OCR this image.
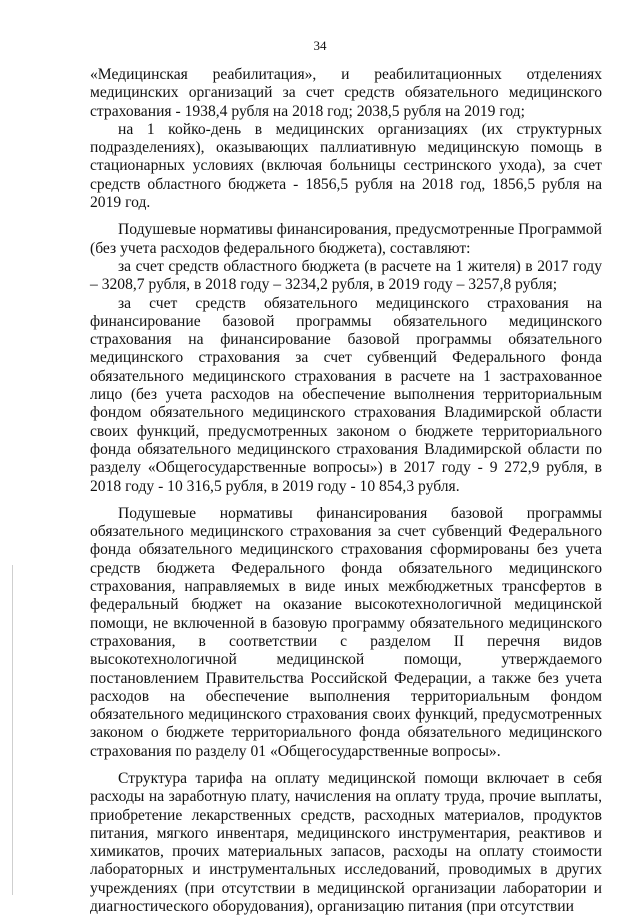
34

«Медицинская реабилитация», и реабилитационных отделениях медицинских организаций за счет средств обязательного медицинского страхования - 1938,4 рубля на 2018 год; 2038,5 рубля на 2019 год;

на 1 койко-день в медицинских организациях (их структурных подразделениях), оказывающих паллиативную медицинскую помощь в стационарных условиях (включая больницы сестринского ухода), за счет средств областного бюджета - 1856,5 рубля на 2018 год, 1856,5 рубля на 2019 год.

Подушевые нормативы финансирования, предусмотренные Программой (без учета расходов федерального бюджета), составляют:

за счет средств областного бюджета (в расчете на 1 жителя) в 2017 году – 3208,7 рубля, в 2018 году – 3234,2 рубля, в 2019 году – 3257,8 рубля;

за счет средств обязательного медицинского страхования на финансирование базовой программы обязательного медицинского страхования на финансирование базовой программы обязательного медицинского страхования за счет субвенций Федерального фонда обязательного медицинского страхования в расчете на 1 застрахованное лицо (без учета расходов на обеспечение выполнения территориальным фондом обязательного медицинского страхования Владимирской области своих функций, предусмотренных законом о бюджете территориального фонда обязательного медицинского страхования Владимирской области по разделу «Общегосударственные вопросы») в 2017 году - 9 272,9 рубля, в 2018 году - 10 316,5 рубля, в 2019 году - 10 854,3 рубля.

Подушевые нормативы финансирования базовой программы обязательного медицинского страхования за счет субвенций Федерального фонда обязательного медицинского страхования сформированы без учета средств бюджета Федерального фонда обязательного медицинского страхования, направляемых в виде иных межбюджетных трансфертов в федеральный бюджет на оказание высокотехнологичной медицинской помощи, не включенной в базовую программу обязательного медицинского страхования, в соответствии с разделом II перечня видов высокотехнологичной медицинской помощи, утверждаемого постановлением Правительства Российской Федерации, а также без учета расходов на обеспечение выполнения территориальным фондом обязательного медицинского страхования своих функций, предусмотренных законом о бюджете территориального фонда обязательного медицинского страхования по разделу 01 «Общегосударственные вопросы».

Структура тарифа на оплату медицинской помощи включает в себя расходы на заработную плату, начисления на оплату труда, прочие выплаты, приобретение лекарственных средств, расходных материалов, продуктов питания, мягкого инвентаря, медицинского инструментария, реактивов и химикатов, прочих материальных запасов, расходы на оплату стоимости лабораторных и инструментальных исследований, проводимых в других учреждениях (при отсутствии в медицинской организации лаборатории и диагностического оборудования), организацию питания (при отсутствии
